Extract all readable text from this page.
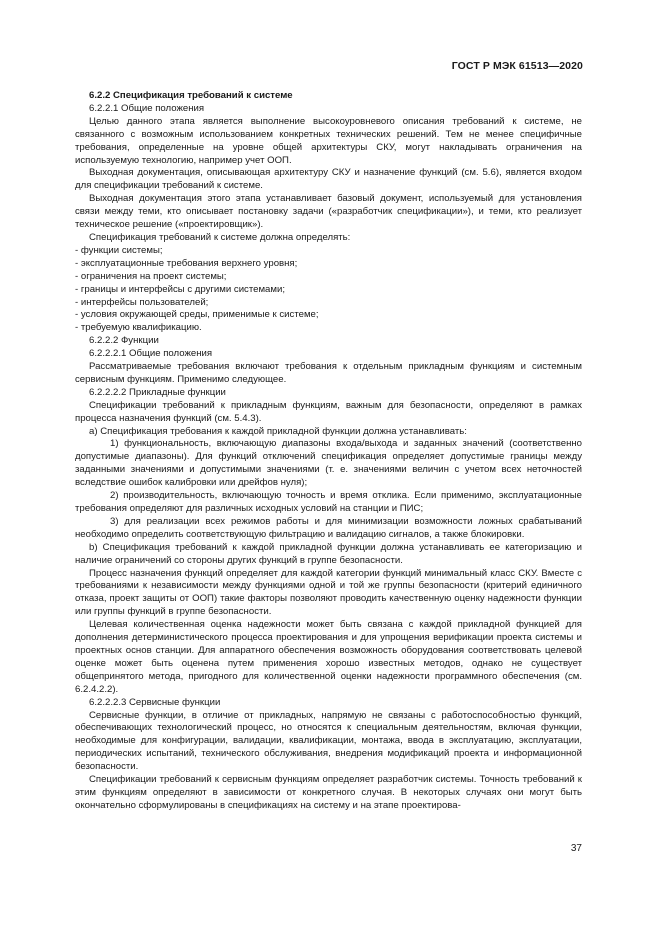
ГОСТ Р МЭК 61513—2020

6.2.2 Спецификация требований к системе

6.2.2.1 Общие положения

Целью данного этапа является выполнение высокоуровневого описания требований к системе, не связанного с возможным использованием конкретных технических решений. Тем не менее специфичные требования, определенные на уровне общей архитектуры СКУ, могут накладывать ограничения на используемую технологию, например учет ООП.

Выходная документация, описывающая архитектуру СКУ и назначение функций (см. 5.6), является входом для спецификации требований к системе.

Выходная документация этого этапа устанавливает базовый документ, используемый для установления связи между теми, кто описывает постановку задачи («разработчик спецификации»), и теми, кто реализует техническое решение («проектировщик»).

Спецификация требований к системе должна определять:

- функции системы;

- эксплуатационные требования верхнего уровня;

- ограничения на проект системы;

- границы и интерфейсы с другими системами;

- интерфейсы пользователей;

- условия окружающей среды, применимые к системе;

- требуемую квалификацию.

6.2.2.2 Функции

6.2.2.2.1 Общие положения

Рассматриваемые требования включают требования к отдельным прикладным функциям и системным сервисным функциям. Применимо следующее.

6.2.2.2.2 Прикладные функции

Спецификации требований к прикладным функциям, важным для безопасности, определяют в рамках процесса назначения функций (см. 5.4.3).

a) Спецификация требования к каждой прикладной функции должна устанавливать:

1) функциональность, включающую диапазоны входа/выхода и заданных значений (соответственно допустимые диапазоны). Для функций отключений спецификация определяет допустимые границы между заданными значениями и допустимыми значениями (т. е. значениями величин с учетом всех неточностей вследствие ошибок калибровки или дрейфов нуля);

2) производительность, включающую точность и время отклика. Если применимо, эксплуатационные требования определяют для различных исходных условий на станции и ПИС;

3) для реализации всех режимов работы и для минимизации возможности ложных срабатываний необходимо определить соответствующую фильтрацию и валидацию сигналов, а также блокировки.

b) Спецификация требований к каждой прикладной функции должна устанавливать ее категоризацию и наличие ограничений со стороны других функций в группе безопасности.

Процесс назначения функций определяет для каждой категории функций минимальный класс СКУ. Вместе с требованиями к независимости между функциями одной и той же группы безопасности (критерий единичного отказа, проект защиты от ООП) такие факторы позволяют проводить качественную оценку надежности функции или группы функций в группе безопасности.

Целевая количественная оценка надежности может быть связана с каждой прикладной функцией для дополнения детерминистического процесса проектирования и для упрощения верификации проекта системы и проектных основ станции. Для аппаратного обеспечения возможность оборудования соответствовать целевой оценке может быть оценена путем применения хорошо известных методов, однако не существует общепринятого метода, пригодного для количественной оценки надежности программного обеспечения (см. 6.2.4.2.2).

6.2.2.2.3 Сервисные функции

Сервисные функции, в отличие от прикладных, напрямую не связаны с работоспособностью функций, обеспечивающих технологический процесс, но относятся к специальным деятельностям, включая функции, необходимые для конфигурации, валидации, квалификации, монтажа, ввода в эксплуатацию, эксплуатации, периодических испытаний, технического обслуживания, внедрения модификаций проекта и информационной безопасности.

Спецификации требований к сервисным функциям определяет разработчик системы. Точность требований к этим функциям определяют в зависимости от конкретного случая. В некоторых случаях они могут быть окончательно сформулированы в спецификациях на систему и на этапе проектирова-

37
